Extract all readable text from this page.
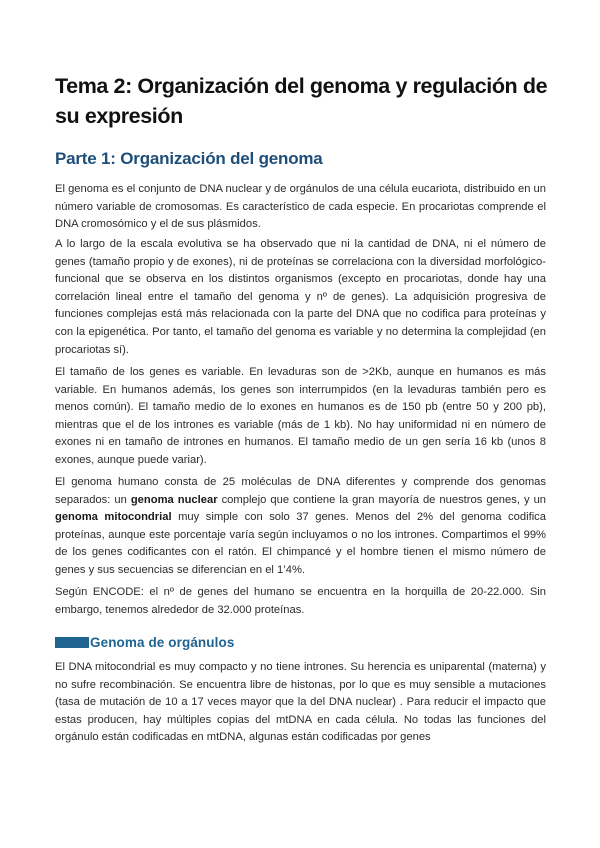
Tema 2: Organización del genoma y regulación de su expresión
Parte 1: Organización del genoma

El genoma es el conjunto de DNA nuclear y de orgánulos de una célula eucariota, distribuido en un número variable de cromosomas. Es característico de cada especie. En procariotas comprende el DNA cromosómico y el de sus plásmidos.

A lo largo de la escala evolutiva se ha observado que ni la cantidad de DNA, ni el número de genes (tamaño propio y de exones), ni de proteínas se correlaciona con la diversidad morfológico-funcional que se observa en los distintos organismos (excepto en procariotas, donde hay una correlación lineal entre el tamaño del genoma y nº de genes). La adquisición progresiva de funciones complejas está más relacionada con la parte del DNA que no codifica para proteínas y con la epigenética. Por tanto, el tamaño del genoma es variable y no determina la complejidad (en procariotas sí).

El tamaño de los genes es variable. En levaduras son de >2Kb, aunque en humanos es más variable. En humanos además, los genes son interrumpidos (en la levaduras también pero es menos común). El tamaño medio de lo exones en humanos es de 150 pb (entre 50 y 200 pb), mientras que el de los intrones es variable (más de 1 kb). No hay uniformidad ni en número de exones ni en tamaño de intrones en humanos. El tamaño medio de un gen sería 16 kb (unos 8 exones, aunque puede variar).

El genoma humano consta de 25 moléculas de DNA diferentes y comprende dos genomas separados: un genoma nuclear complejo que contiene la gran mayoría de nuestros genes, y un genoma mitocondrial muy simple con solo 37 genes. Menos del 2% del genoma codifica proteínas, aunque este porcentaje varía según incluyamos o no los intrones. Compartimos el 99% de los genes codificantes con el ratón. El chimpancé y el hombre tienen el mismo número de genes y sus secuencias se diferencian en el 1’4%.

Según ENCODE: el nº de genes del humano se encuentra en la horquilla de 20-22.000. Sin embargo, tenemos alrededor de 32.000 proteínas.

Genoma de orgánulos

El DNA mitocondrial es muy compacto y no tiene intrones. Su herencia es uniparental (materna) y no sufre recombinación. Se encuentra libre de histonas, por lo que es muy sensible a mutaciones (tasa de mutación de 10 a 17 veces mayor que la del DNA nuclear) . Para reducir el impacto que estas producen, hay múltiples copias del mtDNA en cada célula. No todas las funciones del orgánulo están codificadas en mtDNA, algunas están codificadas por genes
